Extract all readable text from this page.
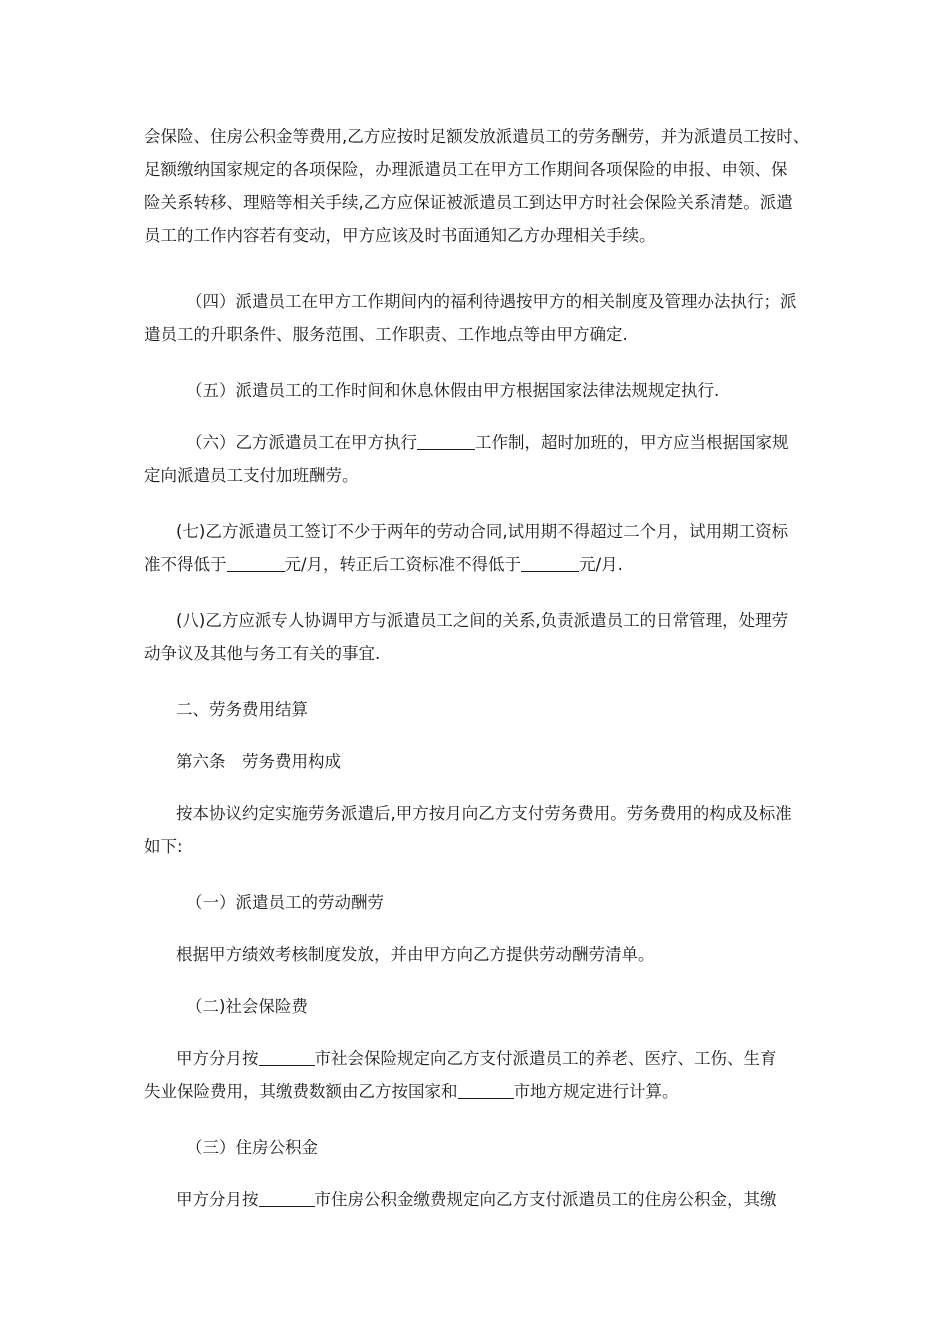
会保险、住房公积金等费用,乙方应按时足额发放派遣员工的劳务酬劳，并为派遣员工按时、
足额缴纳国家规定的各项保险，办理派遣员工在甲方工作期间各项保险的申报、申领、保
险关系转移、理赔等相关手续,乙方应保证被派遣员工到达甲方时社会保险关系清楚。派遣
员工的工作内容若有变动，甲方应该及时书面通知乙方办理相关手续。
（四）派遣员工在甲方工作期间内的福利待遇按甲方的相关制度及管理办法执行；派
遣员工的升职条件、服务范围、工作职责、工作地点等由甲方确定.
（五）派遣员工的工作时间和休息休假由甲方根据国家法律法规规定执行.
（六）乙方派遣员工在甲方执行	工作制，超时加班的，甲方应当根据国家规
定向派遣员工支付加班酬劳。
(七)乙方派遣员工签订不少于两年的劳动合同,试用期不得超过二个月，试用期工资标
准不得低于	元/月，转正后工资标准不得低于	元/月.
(八)乙方应派专人协调甲方与派遣员工之间的关系,负责派遣员工的日常管理，处理劳
动争议及其他与务工有关的事宜.
二、劳务费用结算
第六条　劳务费用构成
按本协议约定实施劳务派遣后,甲方按月向乙方支付劳务费用。劳务费用的构成及标准
如下:
（一）派遣员工的劳动酬劳
根据甲方绩效考核制度发放，并由甲方向乙方提供劳动酬劳清单。
（二)社会保险费
甲方分月按	市社会保险规定向乙方支付派遣员工的养老、医疗、工伤、生育
失业保险费用，其缴费数额由乙方按国家和	市地方规定进行计算。
（三）住房公积金
甲方分月按	市住房公积金缴费规定向乙方支付派遣员工的住房公积金，其缴
